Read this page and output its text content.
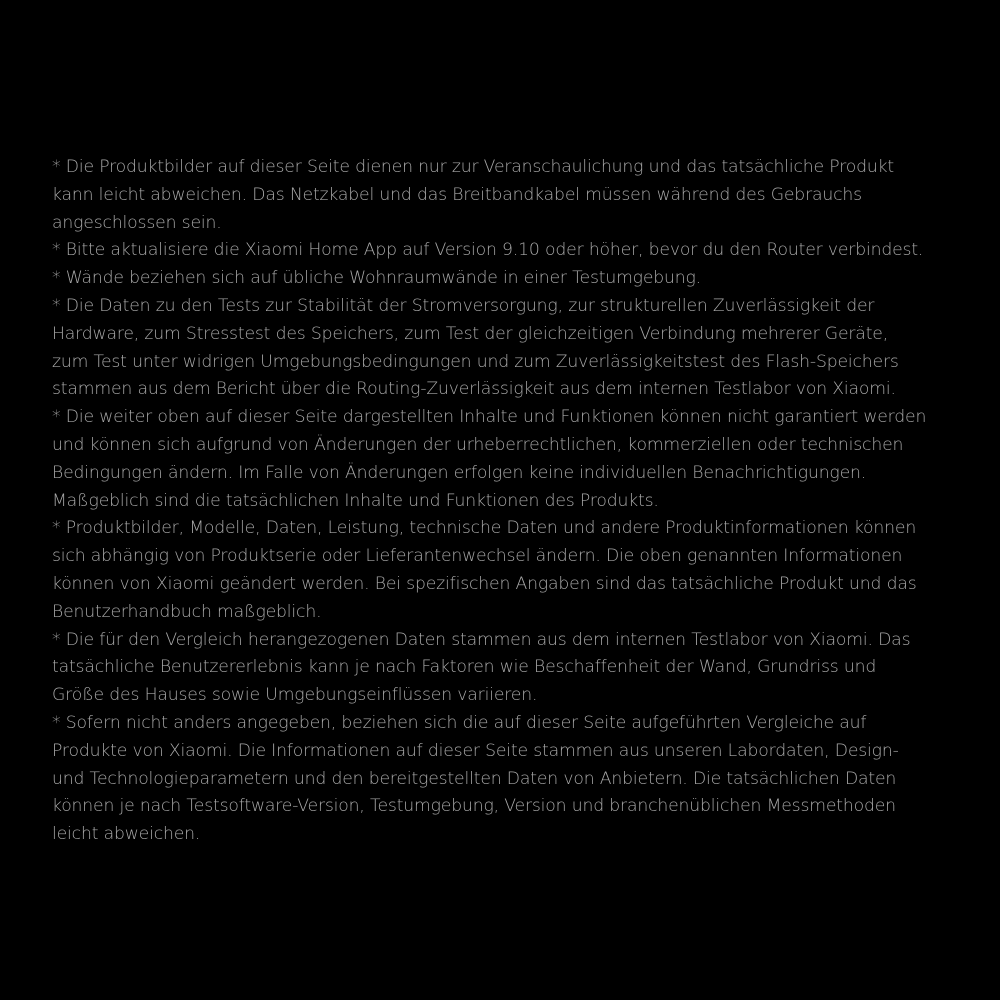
* Die Produktbilder auf dieser Seite dienen nur zur Veranschaulichung und das tatsächliche Produkt
kann leicht abweichen. Das Netzkabel und das Breitbandkabel müssen während des Gebrauchs
angeschlossen sein.
* Bitte aktualisiere die Xiaomi Home App auf Version 9.10 oder höher, bevor du den Router verbindest.
* Wände beziehen sich auf übliche Wohnraumwände in einer Testumgebung.
* Die Daten zu den Tests zur Stabilität der Stromversorgung, zur strukturellen Zuverlässigkeit der
Hardware, zum Stresstest des Speichers, zum Test der gleichzeitigen Verbindung mehrerer Geräte,
zum Test unter widrigen Umgebungsbedingungen und zum Zuverlässigkeitstest des Flash-Speichers
stammen aus dem Bericht über die Routing-Zuverlässigkeit aus dem internen Testlabor von Xiaomi.
* Die weiter oben auf dieser Seite dargestellten Inhalte und Funktionen können nicht garantiert werden
und können sich aufgrund von Änderungen der urheberrechtlichen, kommerziellen oder technischen
Bedingungen ändern. Im Falle von Änderungen erfolgen keine individuellen Benachrichtigungen.
Maßgeblich sind die tatsächlichen Inhalte und Funktionen des Produkts.
* Produktbilder, Modelle, Daten, Leistung, technische Daten und andere Produktinformationen können
sich abhängig von Produktserie oder Lieferantenwechsel ändern. Die oben genannten Informationen
können von Xiaomi geändert werden. Bei spezifischen Angaben sind das tatsächliche Produkt und das
Benutzerhandbuch maßgeblich.
* Die für den Vergleich herangezogenen Daten stammen aus dem internen Testlabor von Xiaomi. Das
tatsächliche Benutzererlebnis kann je nach Faktoren wie Beschaffenheit der Wand, Grundriss und
Größe des Hauses sowie Umgebungseinflüssen variieren.
* Sofern nicht anders angegeben, beziehen sich die auf dieser Seite aufgeführten Vergleiche auf
Produkte von Xiaomi. Die Informationen auf dieser Seite stammen aus unseren Labordaten, Design-
und Technologieparametern und den bereitgestellten Daten von Anbietern. Die tatsächlichen Daten
können je nach Testsoftware-Version, Testumgebung, Version und branchenüblichen Messmethoden
leicht abweichen.
